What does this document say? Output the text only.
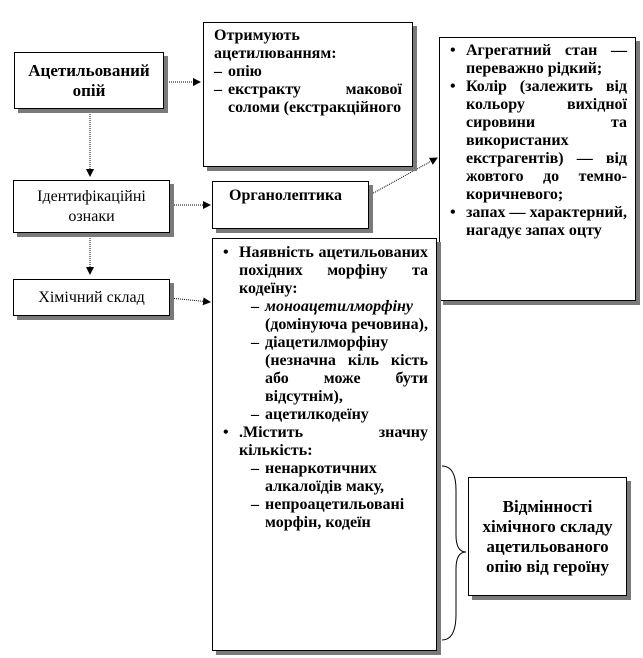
Ацетильований опій
Ідентифікаційні ознаки
Хімічний склад
Органолептика
Отримують ацетилюванням:
– опію
– екстракту макової соломи (екстракційного
• Агрегатний стан — переважно рідкий;
• Колір (залежить від кольору вихідної сировини та використаних екстрагентів) — від жовтого до темно-коричневого;
• запах — характерний, нагадує запах оцту
• Наявність ацетильованих похідних морфіну та кодеїну:
– моноацетилморфіну (домінуюча речовина),
– діацетилморфіну (незначна кіль кість або може бути відсутнім),
– ацетилкодеїну
• .Містить значну кількість:
– ненаркотичних алкалоїдів маку,
– непроацетильовані морфін, кодеїн
Відмінності хімічного складу ацетильованого опію від героїну
